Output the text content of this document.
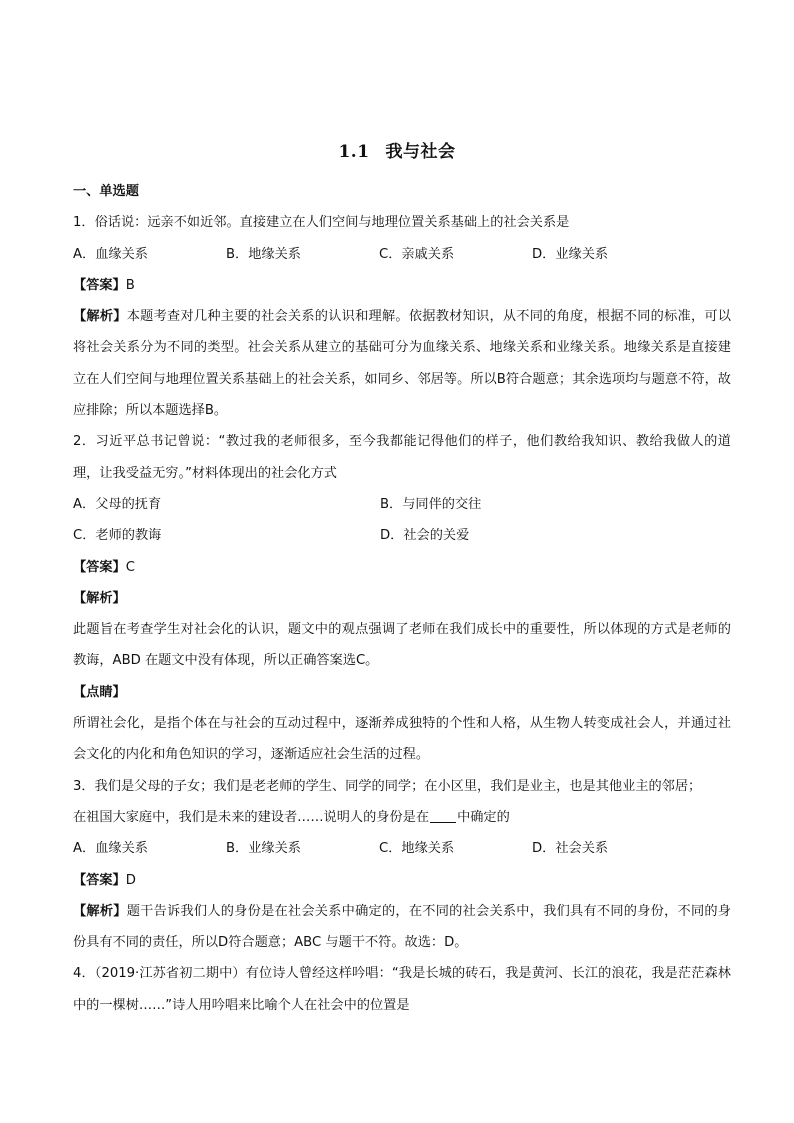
1.1 我与社会
一、单选题
1．俗话说：远亲不如近邻。直接建立在人们空间与地理位置关系基础上的社会关系是
A．血缘关系	B．地缘关系	C．亲戚关系	D．业缘关系
【答案】B
【解析】本题考查对几种主要的社会关系的认识和理解。依据教材知识，从不同的角度，根据不同的标准，可以将社会关系分为不同的类型。社会关系从建立的基础可分为血缘关系、地缘关系和业缘关系。地缘关系是直接建立在人们空间与地理位置关系基础上的社会关系，如同乡、邻居等。所以B符合题意；其余选项均与题意不符，故应排除；所以本题选择B。
2．习近平总书记曾说：“教过我的老师很多，至今我都能记得他们的样子，他们教给我知识、教给我做人的道理，让我受益无穷。”材料体现出的社会化方式
A．父母的抚育	B．与同伴的交往
C．老师的教诲	D．社会的关爱
【答案】C
【解析】
此题旨在考查学生对社会化的认识，题文中的观点强调了老师在我们成长中的重要性，所以体现的方式是老师的教诲，ABD 在题文中没有体现，所以正确答案选C。
【点睛】
所谓社会化，是指个体在与社会的互动过程中，逐渐养成独特的个性和人格，从生物人转变成社会人，并通过社会文化的内化和角色知识的学习，逐渐适应社会生活的过程。
3．我们是父母的子女；我们是老老师的学生、同学的同学；在小区里，我们是业主，也是其他业主的邻居；
在祖国大家庭中，我们是未来的建设者……说明人的身份是在 中确定的
A．血缘关系	B．业缘关系	C．地缘关系	D．社会关系
【答案】D
【解析】题干告诉我们人的身份是在社会关系中确定的，在不同的社会关系中，我们具有不同的身份，不同的身份具有不同的责任，所以D符合题意；ABC 与题干不符。故选：D。
4．（2019·江苏省初二期中）有位诗人曾经这样吟唱：“我是长城的砖石，我是黄河、长江的浪花，我是茫茫森林中的一棵树……”诗人用吟唱来比喻个人在社会中的位置是
